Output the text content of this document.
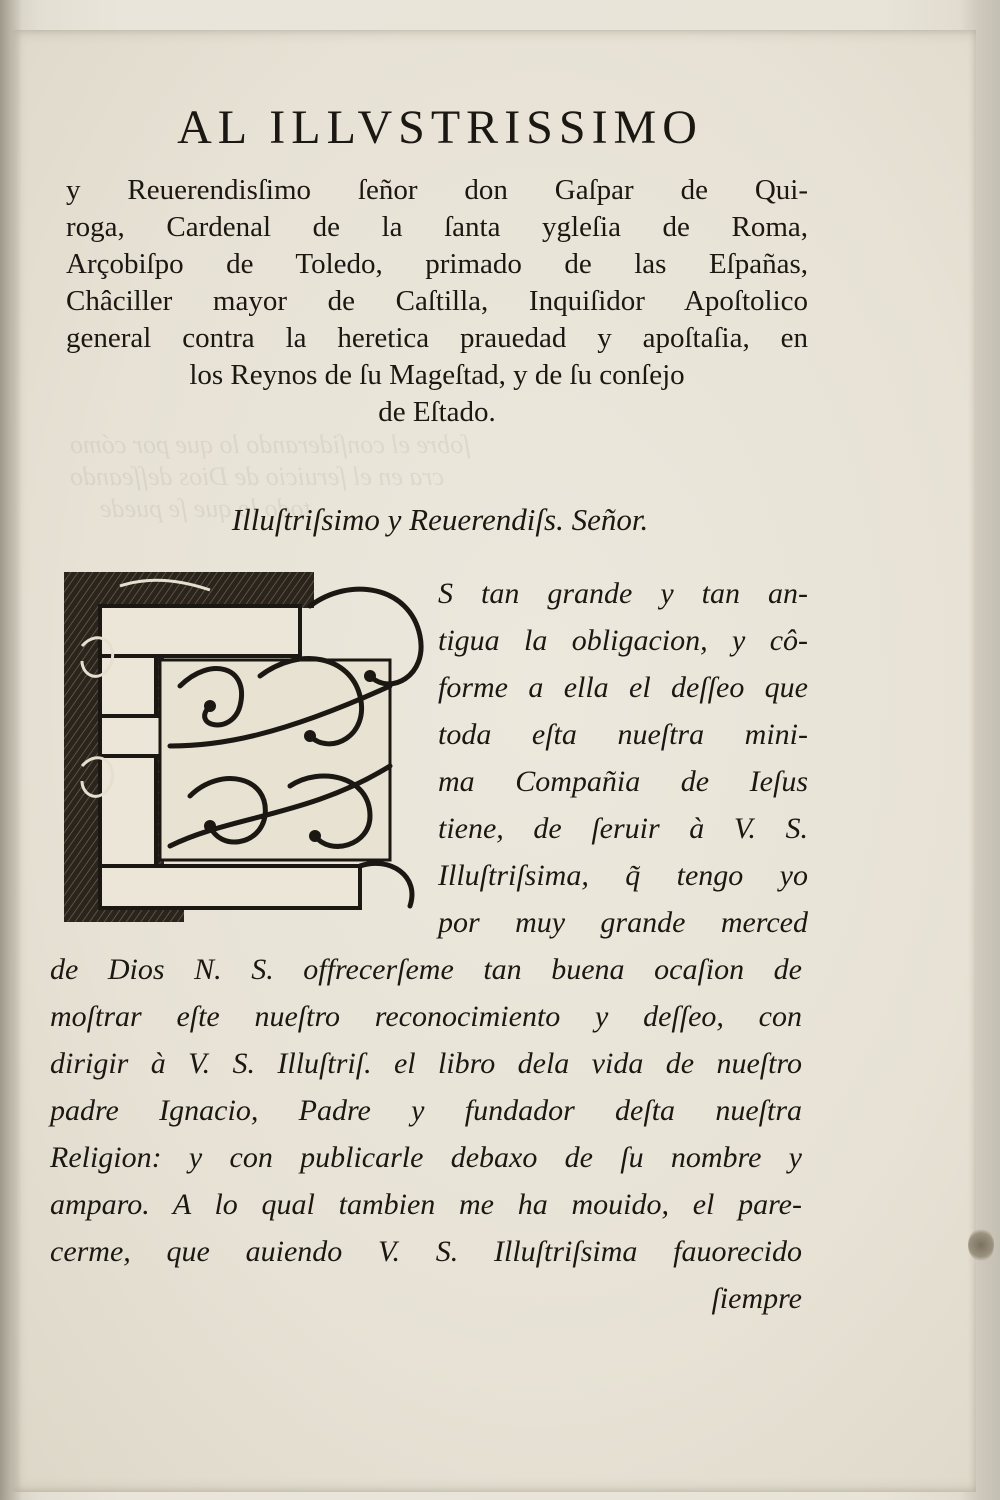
ſobre el conſiderando lo que por cómo
cra en el ſeruicio de Dios deſſeando
todo lo que ſe puede
AL ILLVSTRISSIMO
y Reuerendisſimo ſeñor don Gaſpar de Qui-
roga, Cardenal de la ſanta ygleſia de Roma,
Arçobiſpo de Toledo, primado de las Eſpañas,
Châciller mayor de Caſtilla, Inquiſidor Apoſtolico
general contra la heretica prauedad y apoſtaſia, en
los Reynos de ſu Mageſtad, y de ſu conſejo
de Eſtado.
Illuſtriſsimo y Reuerendiſs. Señor.
S tan grande y tan an-
tigua la obligacion, y cô-
forme a ella el deſſeo que
toda eſta nueſtra mini-
ma Compañia de Ieſus
tiene, de ſeruir à V. S.
Illuſtriſsima, q̃ tengo yo
por muy grande merced
de Dios N. S. offrecerſeme tan buena ocaſion de
moſtrar eſte nueſtro reconocimiento y deſſeo, con
dirigir à V. S. Illuſtriſ. el libro dela vida de nueſtro
padre Ignacio, Padre y fundador deſta nueſtra
Religion: y con publicarle debaxo de ſu nombre y
amparo. A lo qual tambien me ha mouido, el pare-
cerme, que auiendo V. S. Illuſtriſsima fauorecido
ſiempre
